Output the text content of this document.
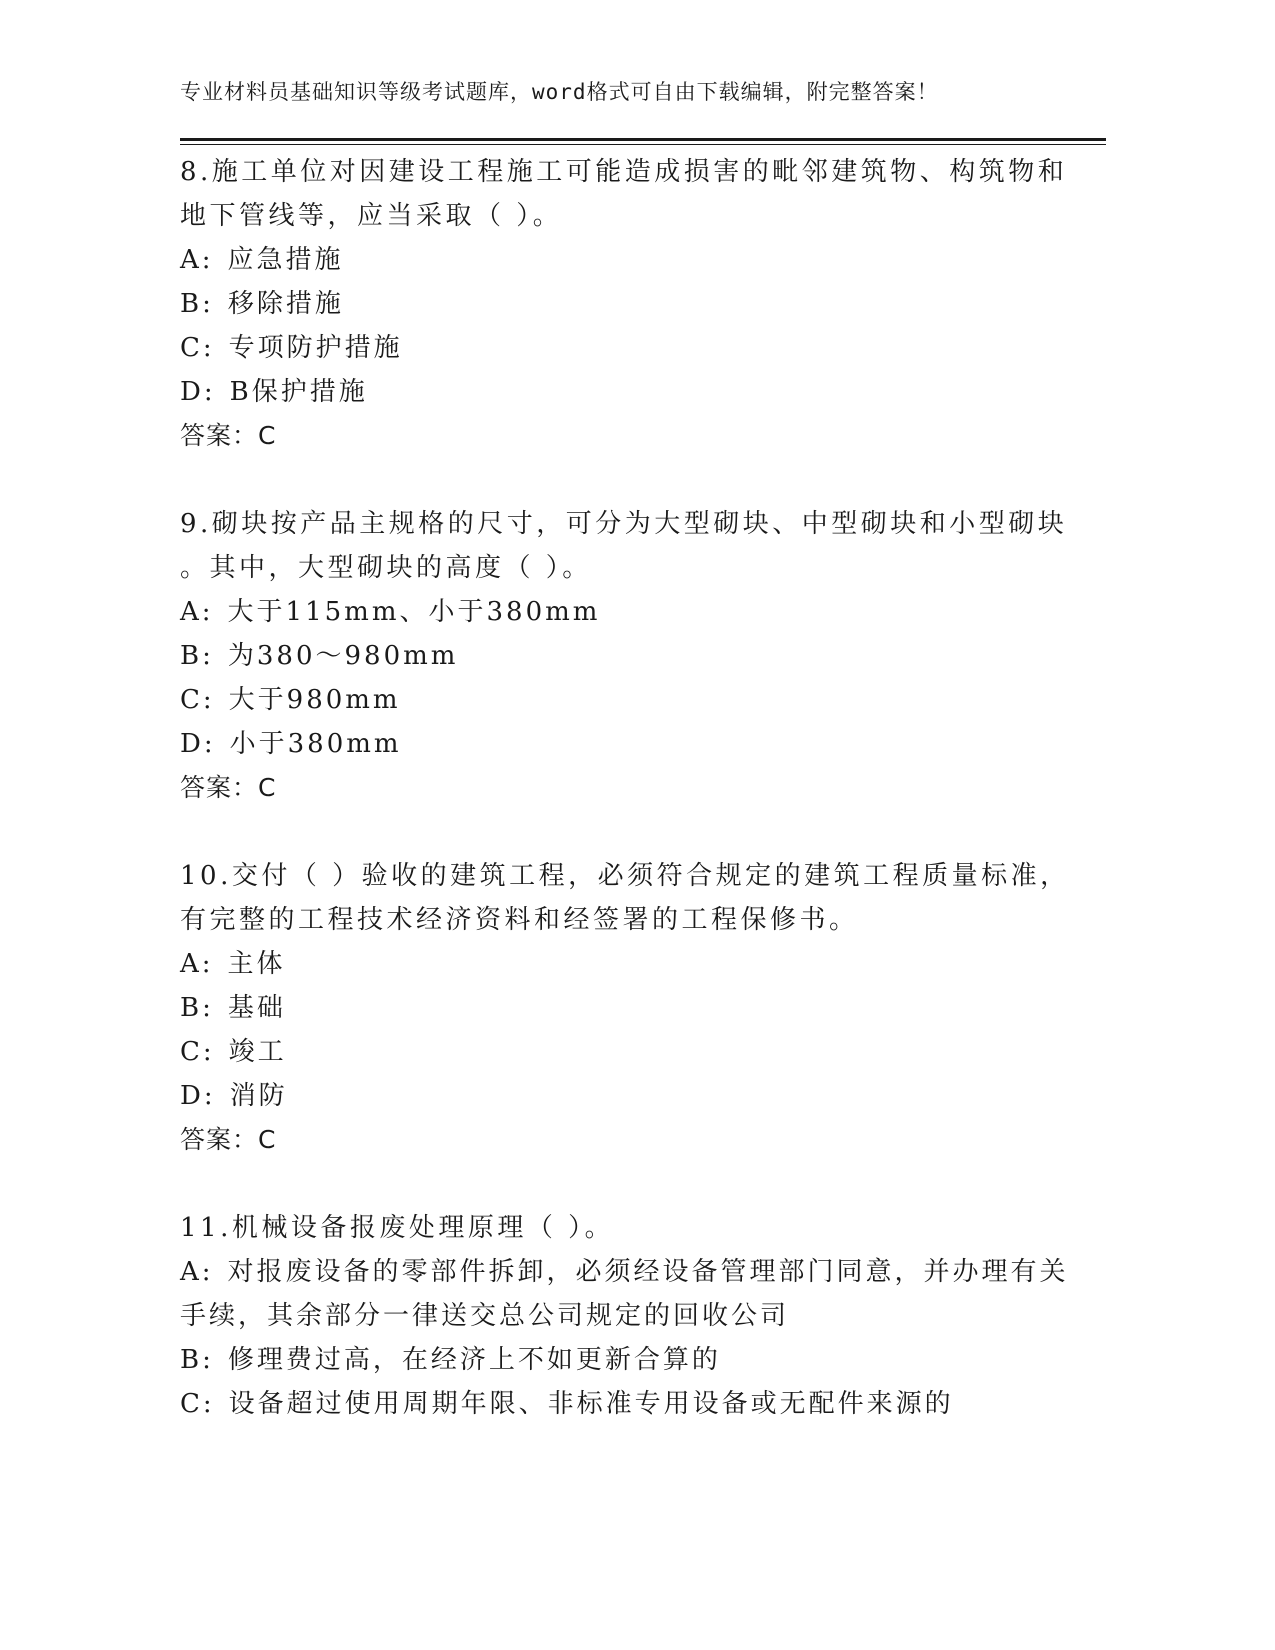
专业材料员基础知识等级考试题库，word格式可自由下载编辑，附完整答案！
8.施工单位对因建设工程施工可能造成损害的毗邻建筑物、构筑物和
地下管线等，应当采取（ ）。
A: 应急措施
B: 移除措施
C: 专项防护措施
D: B保护措施
答案：C
9.砌块按产品主规格的尺寸，可分为大型砌块、中型砌块和小型砌块
。其中，大型砌块的高度（ ）。
A: 大于115mm、小于380mm
B: 为380～980mm
C: 大于980mm
D: 小于380mm
答案：C
10.交付（ ）验收的建筑工程，必须符合规定的建筑工程质量标准，
有完整的工程技术经济资料和经签署的工程保修书。
A: 主体
B: 基础
C: 竣工
D: 消防
答案：C
11.机械设备报废处理原理（ ）。
A: 对报废设备的零部件拆卸，必须经设备管理部门同意，并办理有关
手续，其余部分一律送交总公司规定的回收公司
B: 修理费过高，在经济上不如更新合算的
C: 设备超过使用周期年限、非标准专用设备或无配件来源的
